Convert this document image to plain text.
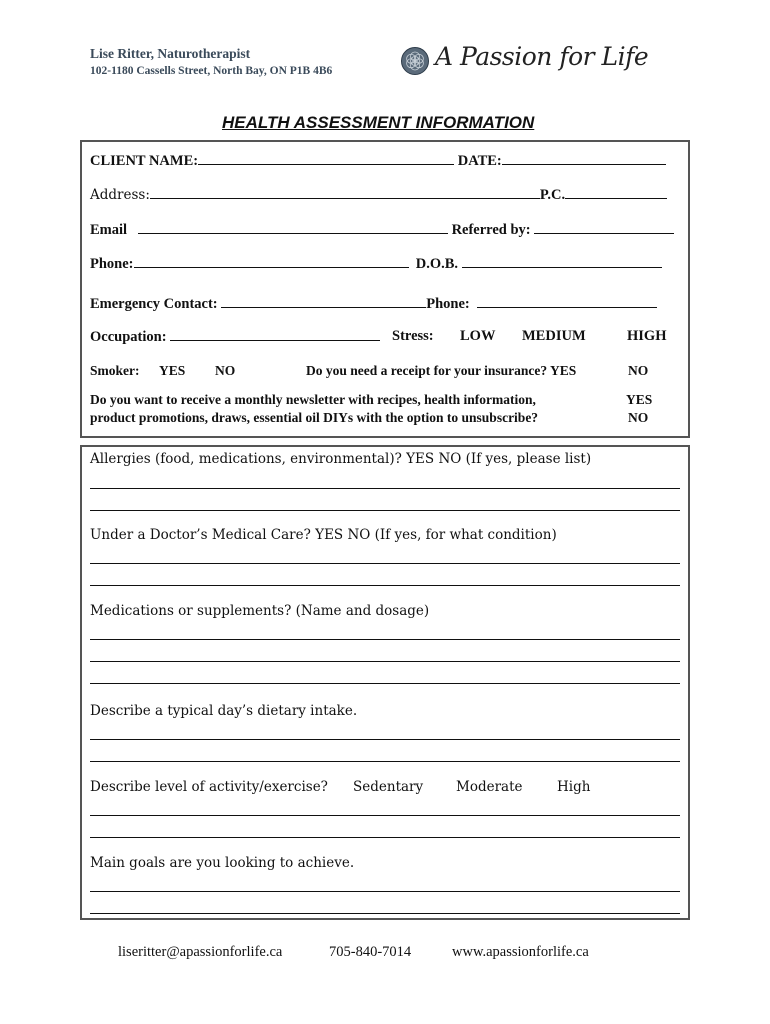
Lise Ritter, Naturotherapist
102-1180 Cassells Street, North Bay, ON P1B 4B6	A Passion for Life
HEALTH ASSESSMENT INFORMATION
CLIENT NAME:	DATE:
Address:	P.C.
Email	Referred by:
Phone:	D.O.B.
Emergency Contact:	Phone:
Occupation:	Stress: LOW MEDIUM	HIGH
Smoker: YES NO	Do you need a receipt for your insurance? YES	NO
Do you want to receive a monthly newsletter with recipes, health information,
product promotions, draws, essential oil DIYs with the option to unsubscribe?
YES
NO
Allergies (food, medications, environmental)? YES NO (If yes, please list)
Under a Doctor’s Medical Care? YES NO (If yes, for what condition)
Medications or supplements? (Name and dosage)
Describe a typical day’s dietary intake.
Describe level of activity/exercise? Sedentary Moderate	High
Main goals are you looking to achieve.
liseritter@apassionforlife.ca	705-840-7014	www.apassionforlife.ca
